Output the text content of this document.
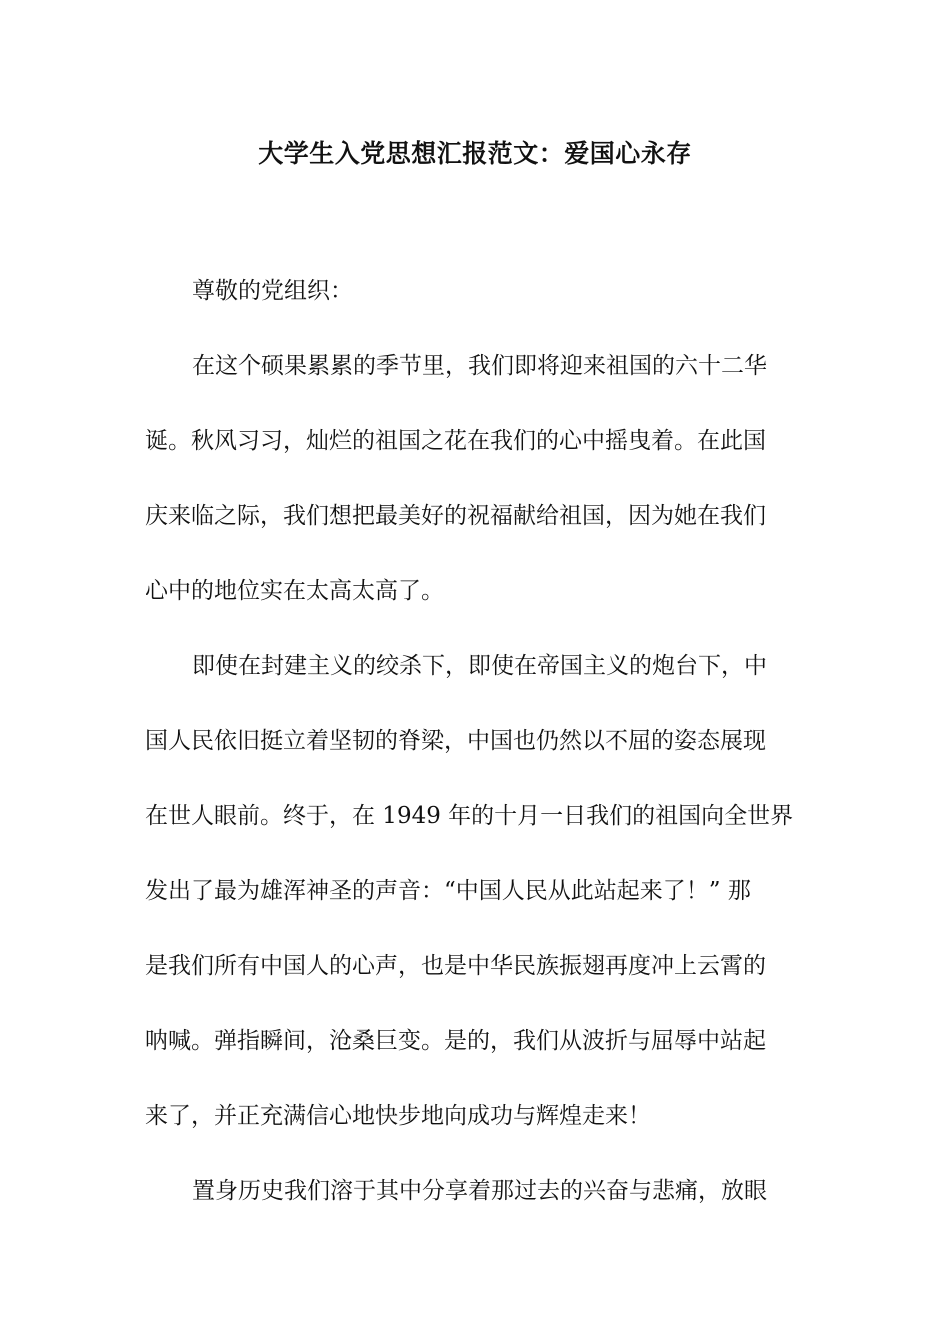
大学生入党思想汇报范文：爱国心永存
尊敬的党组织：
在这个硕果累累的季节里，我们即将迎来祖国的六十二华
诞。秋风习习，灿烂的祖国之花在我们的心中摇曳着。在此国
庆来临之际，我们想把最美好的祝福献给祖国，因为她在我们
心中的地位实在太高太高了。
即使在封建主义的绞杀下，即使在帝国主义的炮台下，中
国人民依旧挺立着坚韧的脊梁，中国也仍然以不屈的姿态展现
在世人眼前。终于，在 1949 年的十月一日我们的祖国向全世界
发出了最为雄浑神圣的声音：“中国人民从此站起来了！” 那
是我们所有中国人的心声，也是中华民族振翅再度冲上云霄的
呐喊。弹指瞬间，沧桑巨变。是的，我们从波折与屈辱中站起
来了，并正充满信心地快步地向成功与辉煌走来！
置身历史我们溶于其中分享着那过去的兴奋与悲痛，放眼
